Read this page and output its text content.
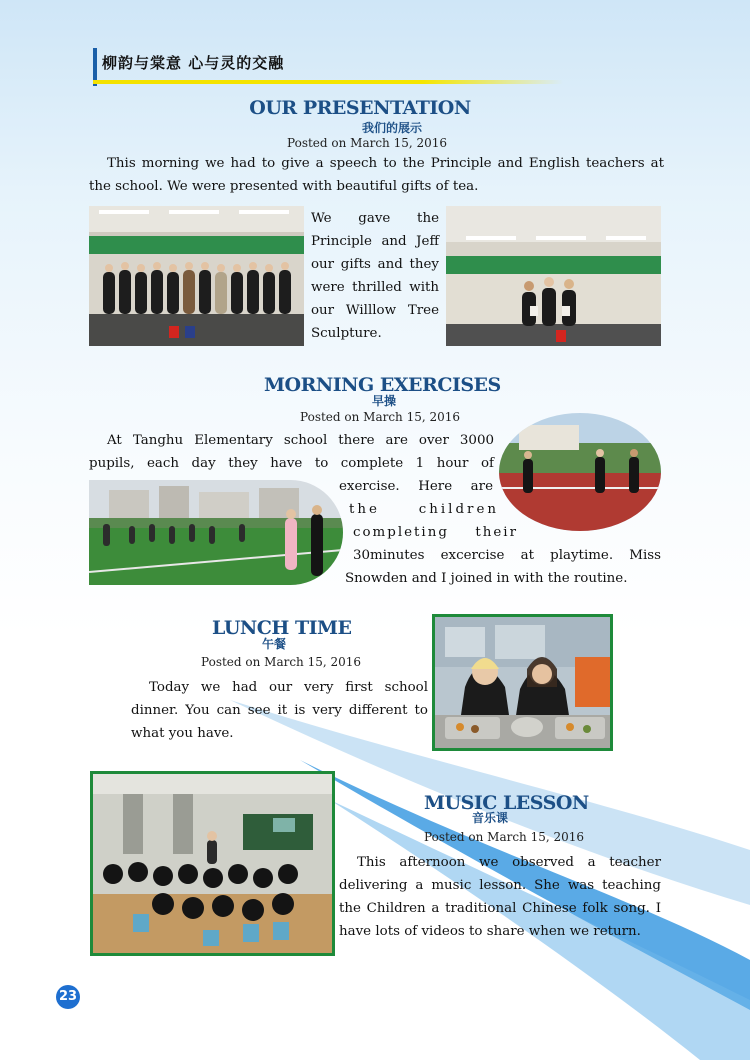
柳韵与棠意 心与灵的交融
OUR PRESENTATION
我们的展示
Posted on March 15, 2016
This morning we had to give a speech to the Principle and English teachers at the school. We were presented with beautiful gifts of tea.
We gave the Principle and Jeff our gifts and they were thrilled with our Willlow Tree Sculpture.
MORNING EXERCISES
早操
Posted on March 15, 2016
At Tanghu Elementary school there are over 3000
pupils, each day they have to complete 1 hour of
exercise. Here are
the children
completing their
30minutes excercise at playtime. Miss
Snowden and I joined in with the routine.
LUNCH TIME
午餐
Posted on March 15, 2016
Today we had our very first school dinner. You can see it is very different to what you have.
MUSIC LESSON
音乐课
Posted on March 15, 2016
This afternoon we observed a teacher delivering a music lesson. She was teaching the Children a traditional Chinese folk song. I have lots of videos to share when we return.
23
